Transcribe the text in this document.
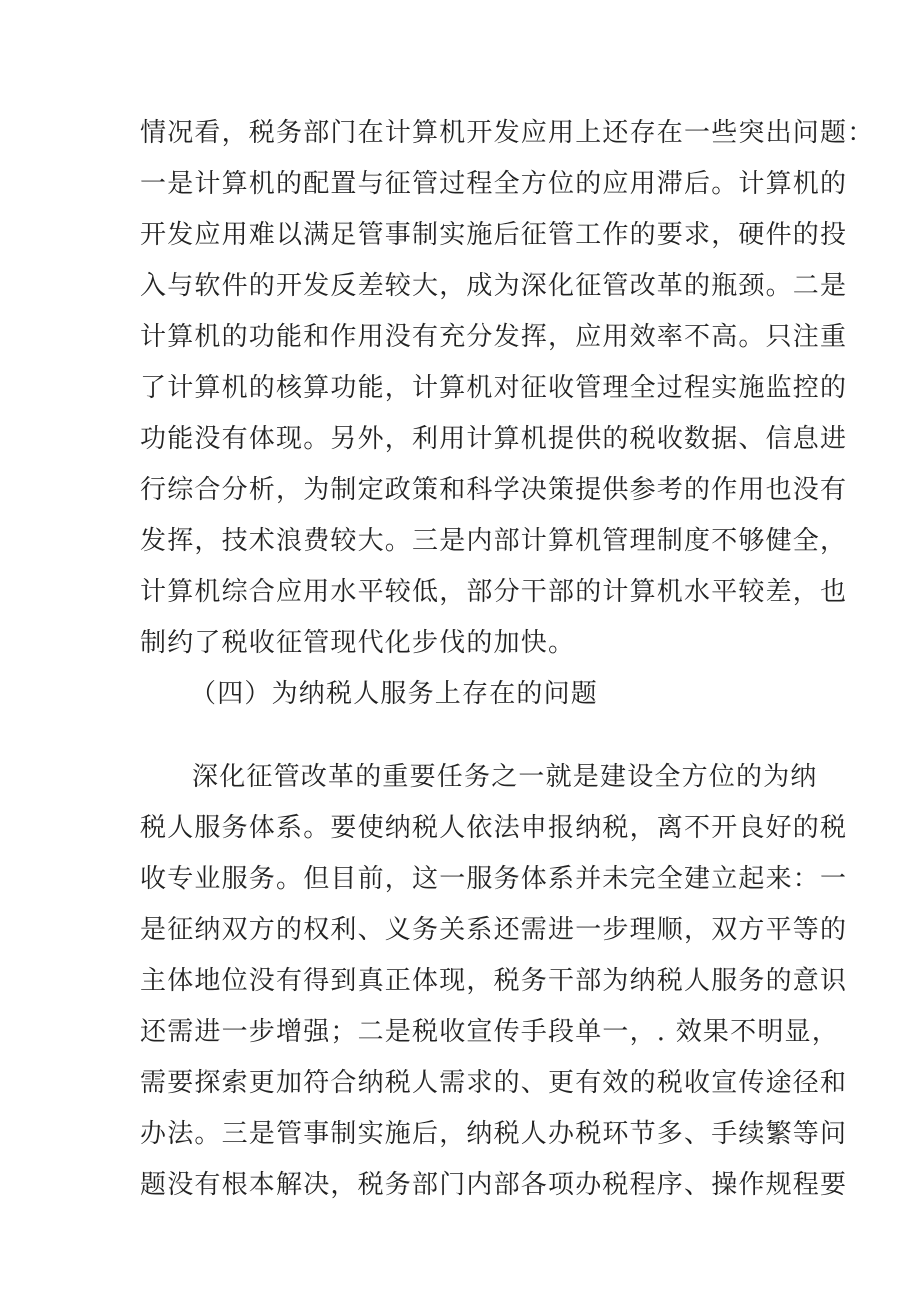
情况看，税务部门在计算机开发应用上还存在一些突出问题：
一是计算机的配置与征管过程全方位的应用滞后。计算机的
开发应用难以满足管事制实施后征管工作的要求，硬件的投
入与软件的开发反差较大，成为深化征管改革的瓶颈。二是
计算机的功能和作用没有充分发挥，应用效率不高。只注重
了计算机的核算功能，计算机对征收管理全过程实施监控的
功能没有体现。另外，利用计算机提供的税收数据、信息进
行综合分析，为制定政策和科学决策提供参考的作用也没有
发挥，技术浪费较大。三是内部计算机管理制度不够健全，
计算机综合应用水平较低，部分干部的计算机水平较差，也
制约了税收征管现代化步伐的加快。
（四）为纳税人服务上存在的问题
深化征管改革的重要任务之一就是建设全方位的为纳
税人服务体系。要使纳税人依法申报纳税，离不开良好的税
收专业服务。但目前，这一服务体系并未完全建立起来：一
是征纳双方的权利、义务关系还需进一步理顺，双方平等的
主体地位没有得到真正体现，税务干部为纳税人服务的意识
还需进一步增强；二是税收宣传手段单一，. 效果不明显，
需要探索更加符合纳税人需求的、更有效的税收宣传途径和
办法。三是管事制实施后，纳税人办税环节多、手续繁等问
题没有根本解决，税务部门内部各项办税程序、操作规程要
